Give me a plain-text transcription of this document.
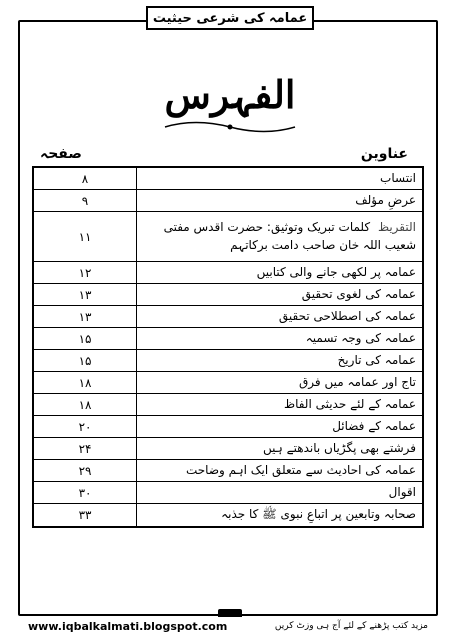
عمامہ کی شرعی حیثیت
الفہرس
عناوین
صفحہ
انتساب
۸
عرضِ مؤلف
۹
التقریظ کلمات تبریک وتوثیق: حضرت اقدس مفتی شعیب اللہ خان صاحب دامت برکاتہم
۱۱
عمامہ پر لکھی جانے والی کتابیں
۱۲
عمامہ کی لغوی تحقیق
۱۳
عمامہ کی اصطلاحی تحقیق
۱۳
عمامہ کی وجہ تسمیہ
۱۵
عمامہ کی تاریخ
۱۵
تاج اور عمامہ میں فرق
۱۸
عمامہ کے لئے حدیثی الفاظ
۱۸
عمامہ کے فضائل
۲۰
فرشتے بھی پگڑیاں باندھتے ہیں
۲۴
عمامہ کی احادیث سے متعلق ایک اہم وضاحت
۲۹
اقوال
۳۰
صحابہ وتابعین پر اتباعِ نبوی ﷺ کا جذبہ
۳۳
www.iqbalkalmati.blogspot.com	مزید کتب پڑھنے کے لئے آج ہی وزٹ کریں
